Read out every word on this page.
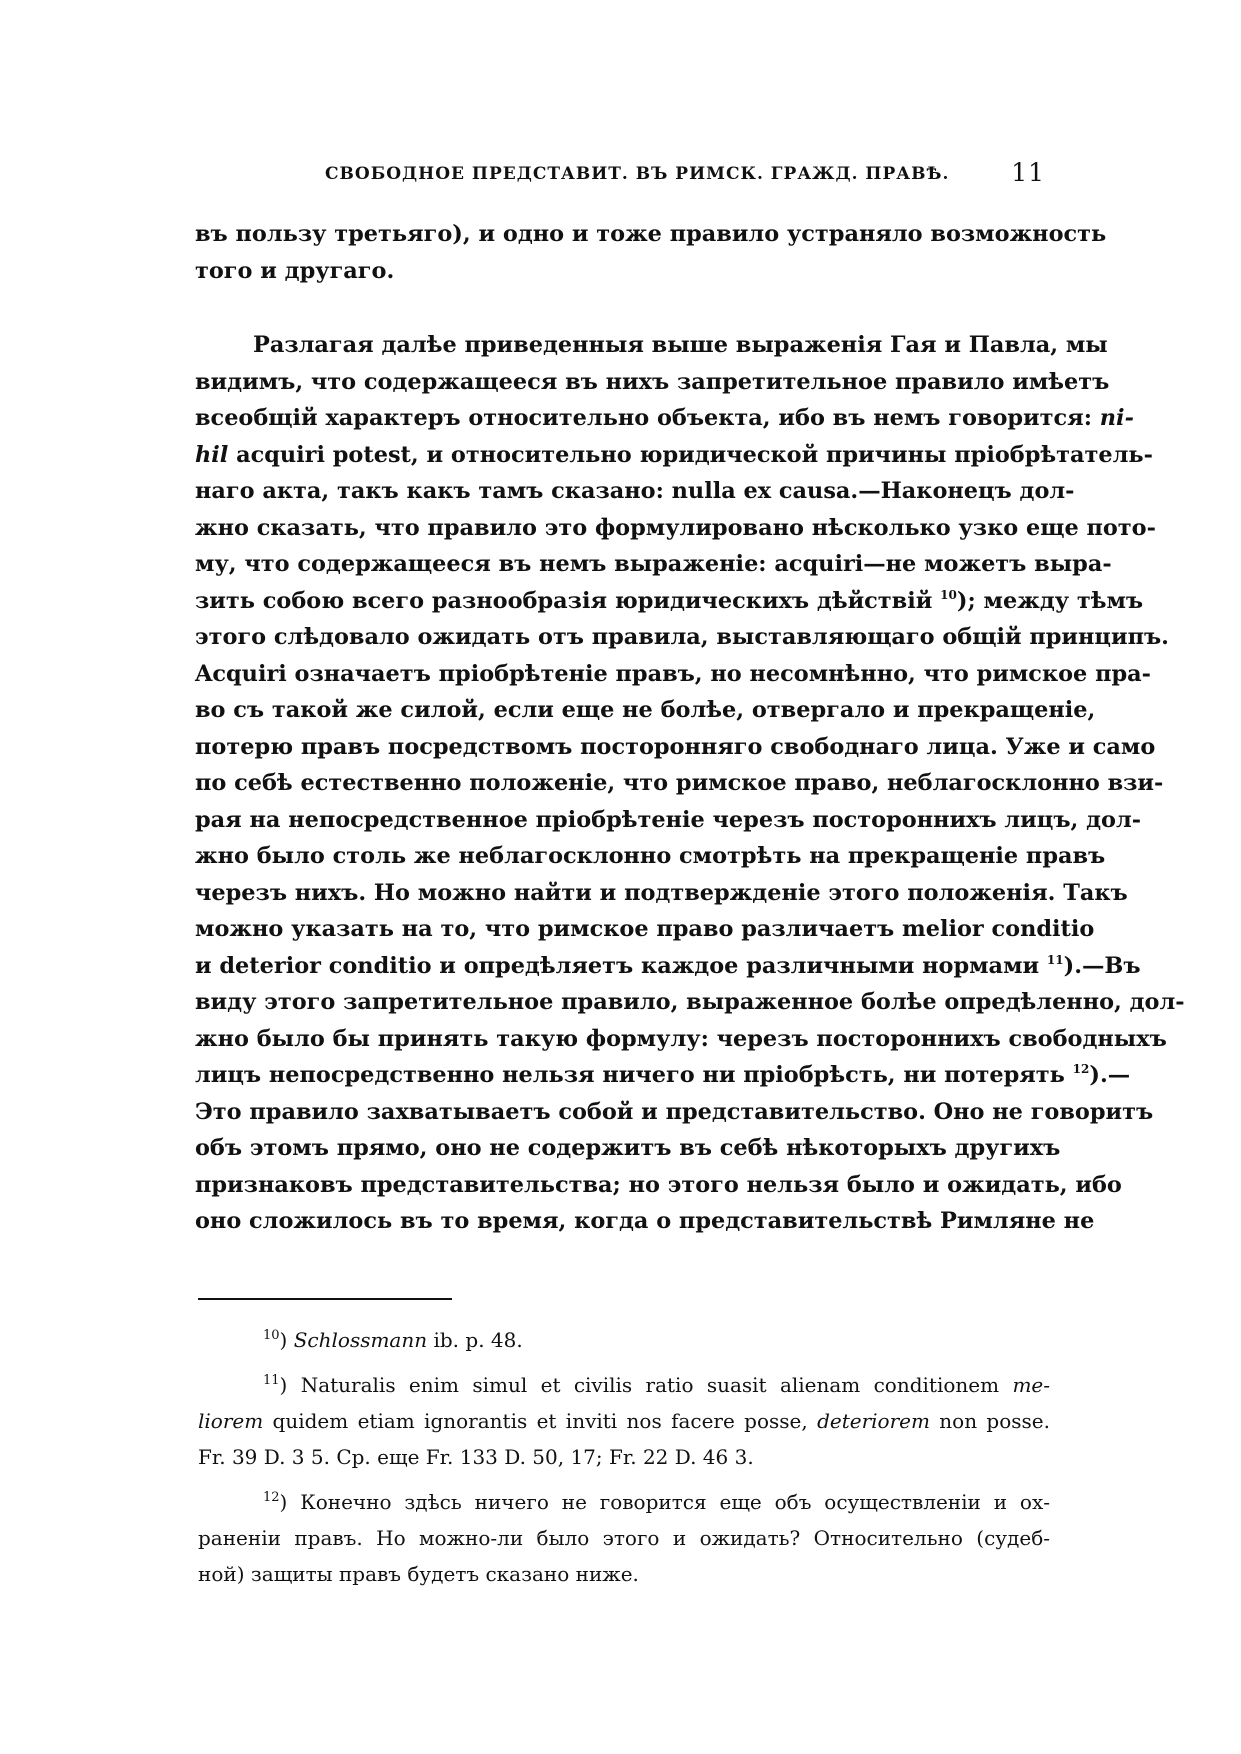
СВОБОДНОЕ ПРЕДСТАВИТ. ВЪ РИМСК. ГРАЖД. ПРАВѢ. 11
въ пользу третьяго), и одно и тоже правило устраняло возможность
того и другаго.
Разлагая далѣе приведенныя выше выраженія Гая и Павла, мы
видимъ, что содержащееся въ нихъ запретительное правило имѣетъ
всеобщій характеръ относительно объекта, ибо въ немъ говорится: ni-
hil acquiri potest, и относительно юридической причины пріобрѣтатель-
наго акта, такъ какъ тамъ сказано: nulla ex causa.—Наконецъ дол-
жно сказать, что правило это формулировано нѣсколько узко еще пото-
му, что содержащееся въ немъ выраженіе: acquiri—не можетъ выра-
зить собою всего разнообразія юридическихъ дѣйствій $^{10}$); между тѣмъ
этого слѣдовало ожидать отъ правила, выставляющаго общій принципъ.
Acquiri означаетъ пріобрѣтеніе правъ, но несомнѣнно, что римское пра-
во съ такой же силой, если еще не болѣе, отвергало и прекращеніе,
потерю правъ посредствомъ посторонняго свободнаго лица. Уже и само
по себѣ естественно положеніе, что римское право, неблагосклонно взи-
рая на непосредственное пріобрѣтеніе черезъ постороннихъ лицъ, дол-
жно было столь же неблагосклонно смотрѣть на прекращеніе правъ
черезъ нихъ. Но можно найти и подтвержденіе этого положенія. Такъ
можно указать на то, что римское право различаетъ melior conditio
и deterior conditio и опредѣляетъ каждое различными нормами $^{11}$).—Въ
виду этого запретительное правило, выраженное болѣе опредѣленно, дол-
жно было бы принять такую формулу: черезъ постороннихъ свободныхъ
лицъ непосредственно нельзя ничего ни пріобрѣсть, ни потерять $^{12}$).—
Это правило захватываетъ собой и представительство. Оно не говоритъ
объ этомъ прямо, оно не содержитъ въ себѣ нѣкоторыхъ другихъ
признаковъ представительства; но этого нельзя было и ожидать, ибо
оно сложилось въ то время, когда о представительствѣ Римляне не
$^{10}$) Schlossmann ib. p. 48.
$^{11}$) Naturalis enim simul et civilis ratio suasit alienam conditionem me-
liorem quidem etiam ignorantis et inviti nos facere posse, deteriorem non posse.
Fr. 39 D. 3 5. Ср. еще Fr. 133 D. 50, 17; Fr. 22 D. 46 3.
$^{12}$) Конечно здѣсь ничего не говорится еще объ осуществленіи и ох-
раненіи правъ. Но можно-ли было этого и ожидать? Относительно (судеб-
ной) защиты правъ будетъ сказано ниже.
